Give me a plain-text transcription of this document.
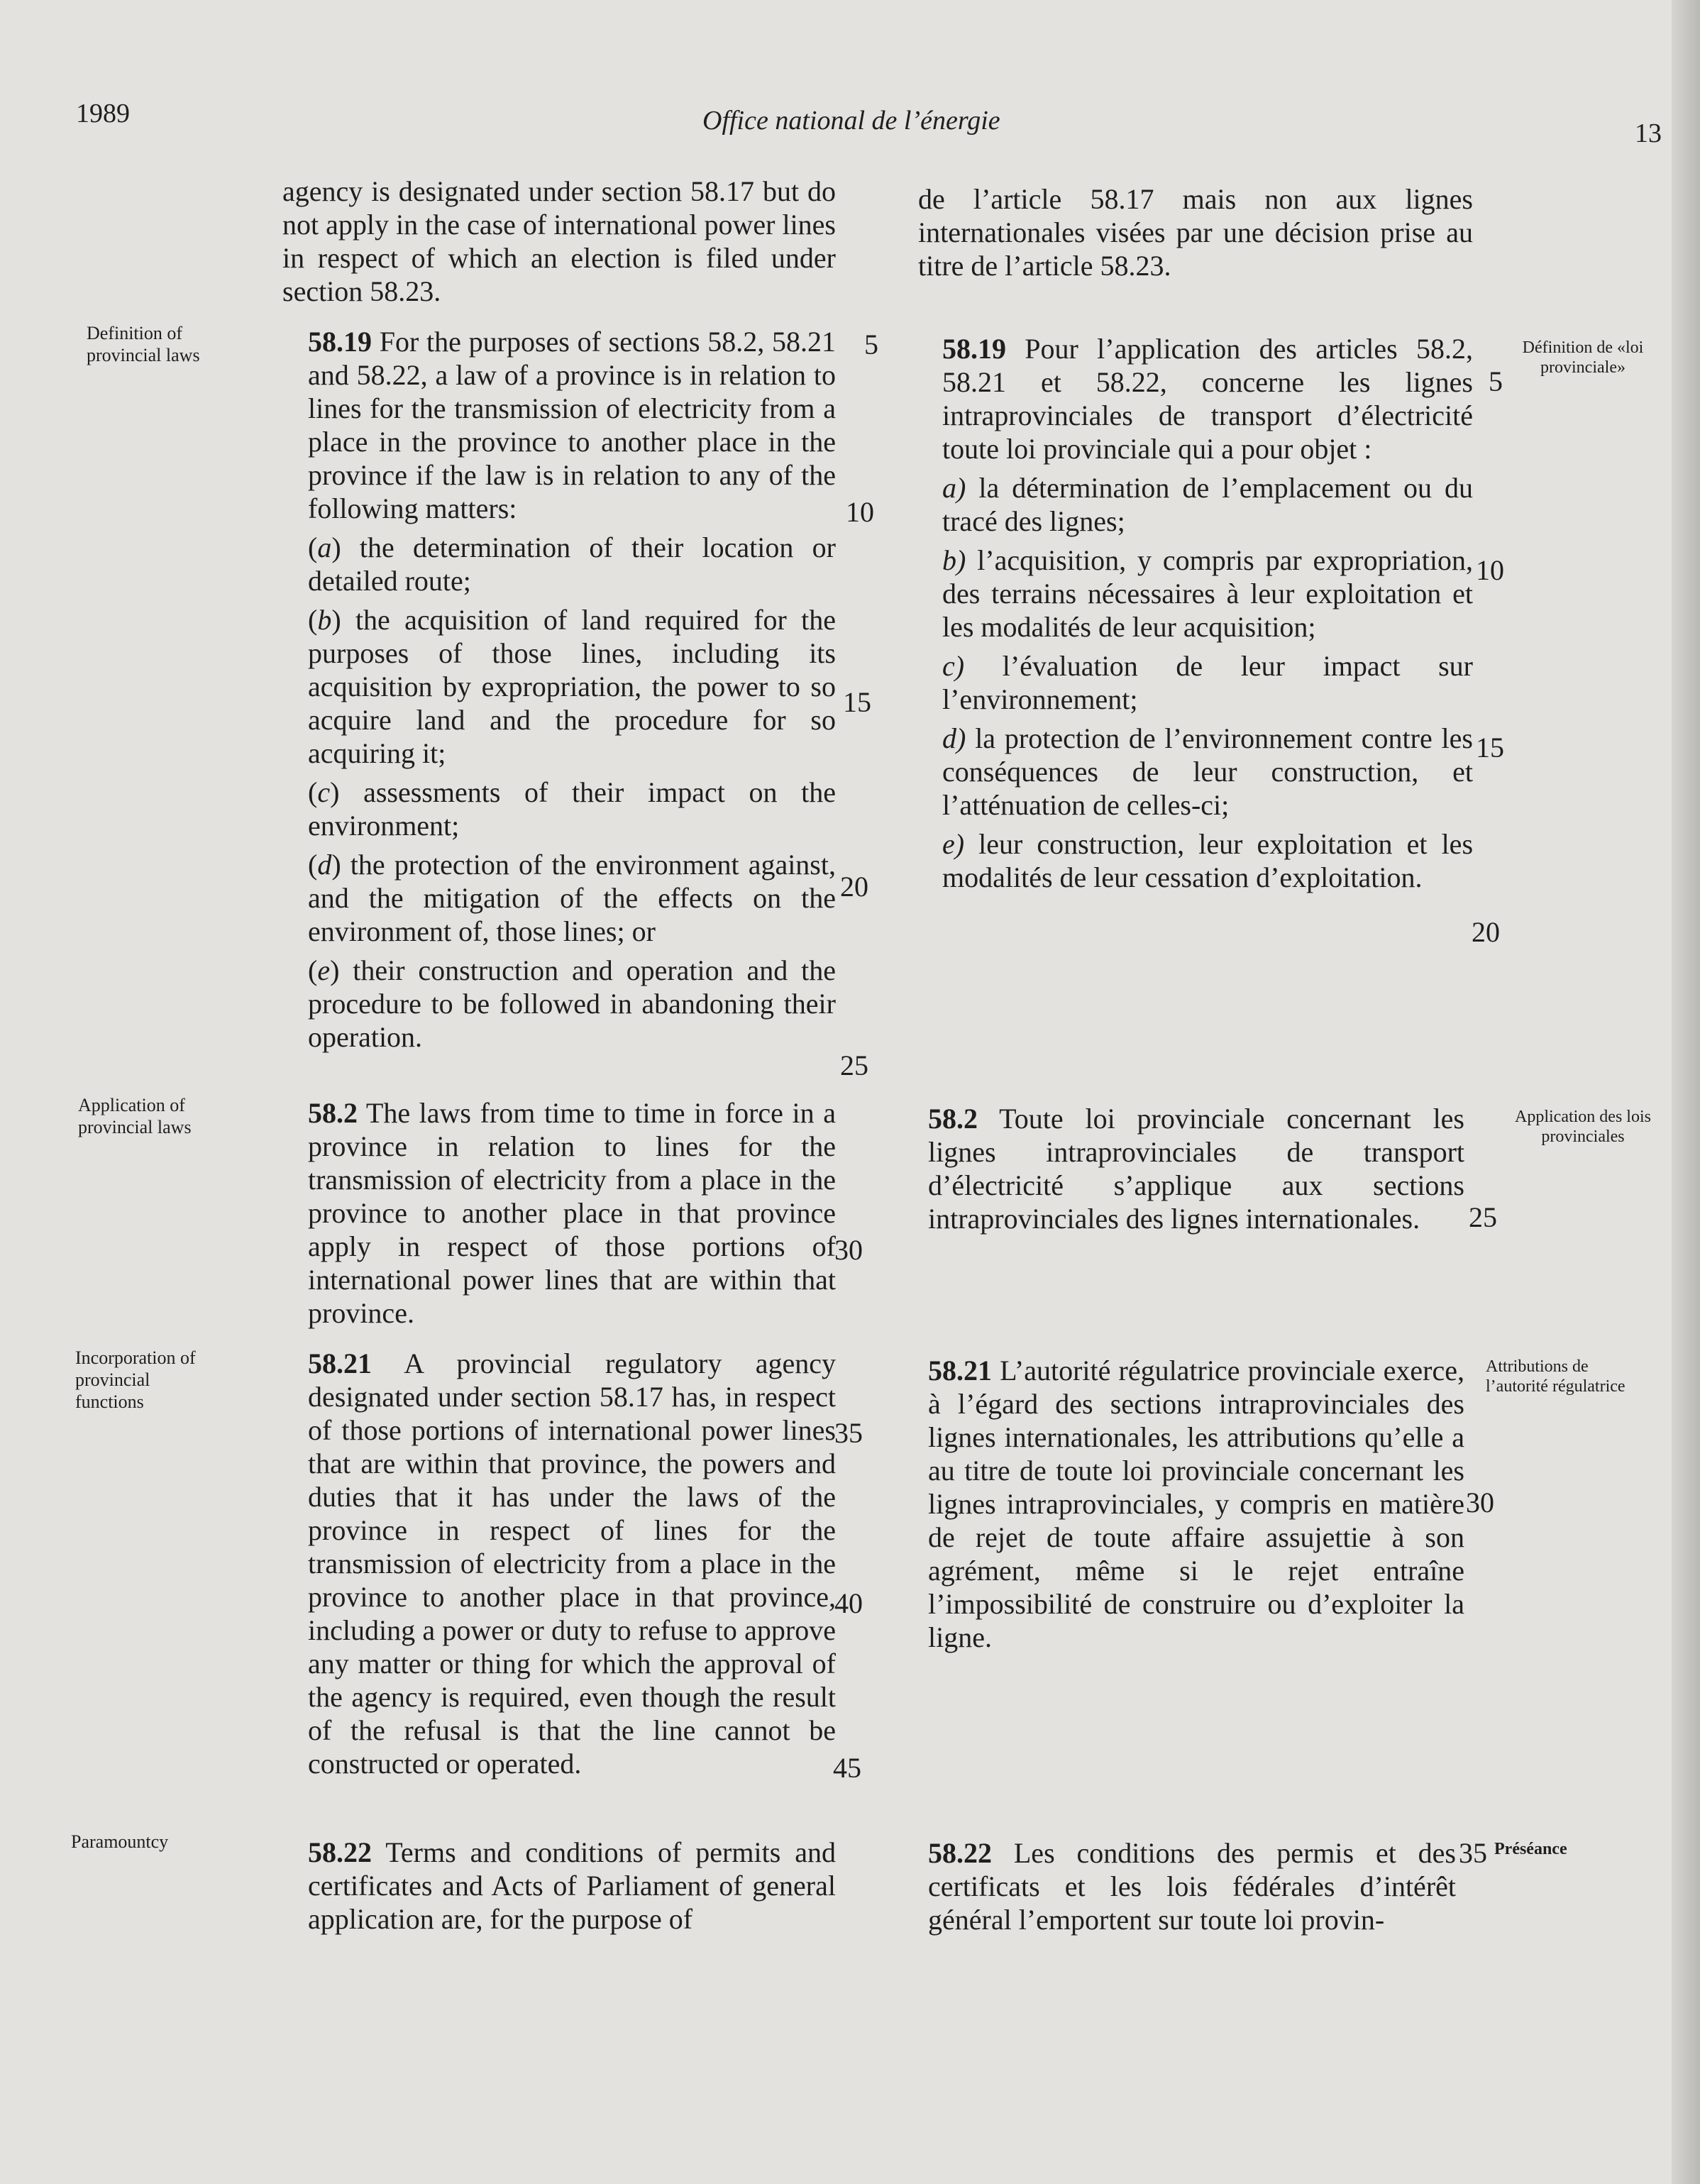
1989	Office national de l’énergie	13

agency is designated under section 58.17 but do not apply in the case of international power lines in respect of which an election is filed under section 58.23.

58.19 For the purposes of sections 58.2, 58.21 and 58.22, a law of a province is in relation to lines for the transmission of electricity from a place in the province to another place in the province if the law is in relation to any of the following matters:

(a) the determination of their location or detailed route;

(b) the acquisition of land required for the purposes of those lines, including its acquisition by expropriation, the power to so acquire land and the procedure for so acquiring it;

(c) assessments of their impact on the environment;

(d) the protection of the environment against, and the mitigation of the effects on the environment of, those lines; or

(e) their construction and operation and the procedure to be followed in abandoning their operation.

58.2 The laws from time to time in force in a province in relation to lines for the transmission of electricity from a place in the province to another place in that province apply in respect of those portions of international power lines that are within that province.

58.21 A provincial regulatory agency designated under section 58.17 has, in respect of those portions of international power lines that are within that province, the powers and duties that it has under the laws of the province in respect of lines for the transmission of electricity from a place in the province to another place in that province, including a power or duty to refuse to approve any matter or thing for which the approval of the agency is required, even though the result of the refusal is that the line cannot be constructed or operated.

58.22 Terms and conditions of permits and certificates and Acts of Parliament of general application are, for the purpose of

5
10
15
20
25
30
35
40
45
Definition of provincial laws
Application of provincial laws
Incorporation of provincial functions
Paramountcy

de l’article 58.17 mais non aux lignes internationales visées par une décision prise au titre de l’article 58.23.

58.19 Pour l’application des articles 58.2, 58.21 et 58.22, concerne les lignes intraprovinciales de transport d’électricité toute loi provinciale qui a pour objet :

a) la détermination de l’emplacement ou du tracé des lignes;

b) l’acquisition, y compris par expropriation, des terrains nécessaires à leur exploitation et les modalités de leur acquisition;

c) l’évaluation de leur impact sur l’environnement;

d) la protection de l’environnement contre les conséquences de leur construction, et l’atténuation de celles-ci;

e) leur construction, leur exploitation et les modalités de leur cessation d’exploitation.

58.2 Toute loi provinciale concernant les lignes intraprovinciales de transport d’électricité s’applique aux sections intraprovinciales des lignes internationales.

58.21 L’autorité régulatrice provinciale exerce, à l’égard des sections intraprovinciales des lignes internationales, les attributions qu’elle a au titre de toute loi provinciale concernant les lignes intraprovinciales, y compris en matière de rejet de toute affaire assujettie à son agrément, même si le rejet entraîne l’impossibilité de construire ou d’exploiter la ligne.

58.22 Les conditions des permis et des certificats et les lois fédérales d’intérêt général l’emportent sur toute loi provin-

5
10
15
20
25
30
35
Définition de «loi provinciale»
Application des lois provinciales
Attributions de l’autorité régulatrice
Préséance
